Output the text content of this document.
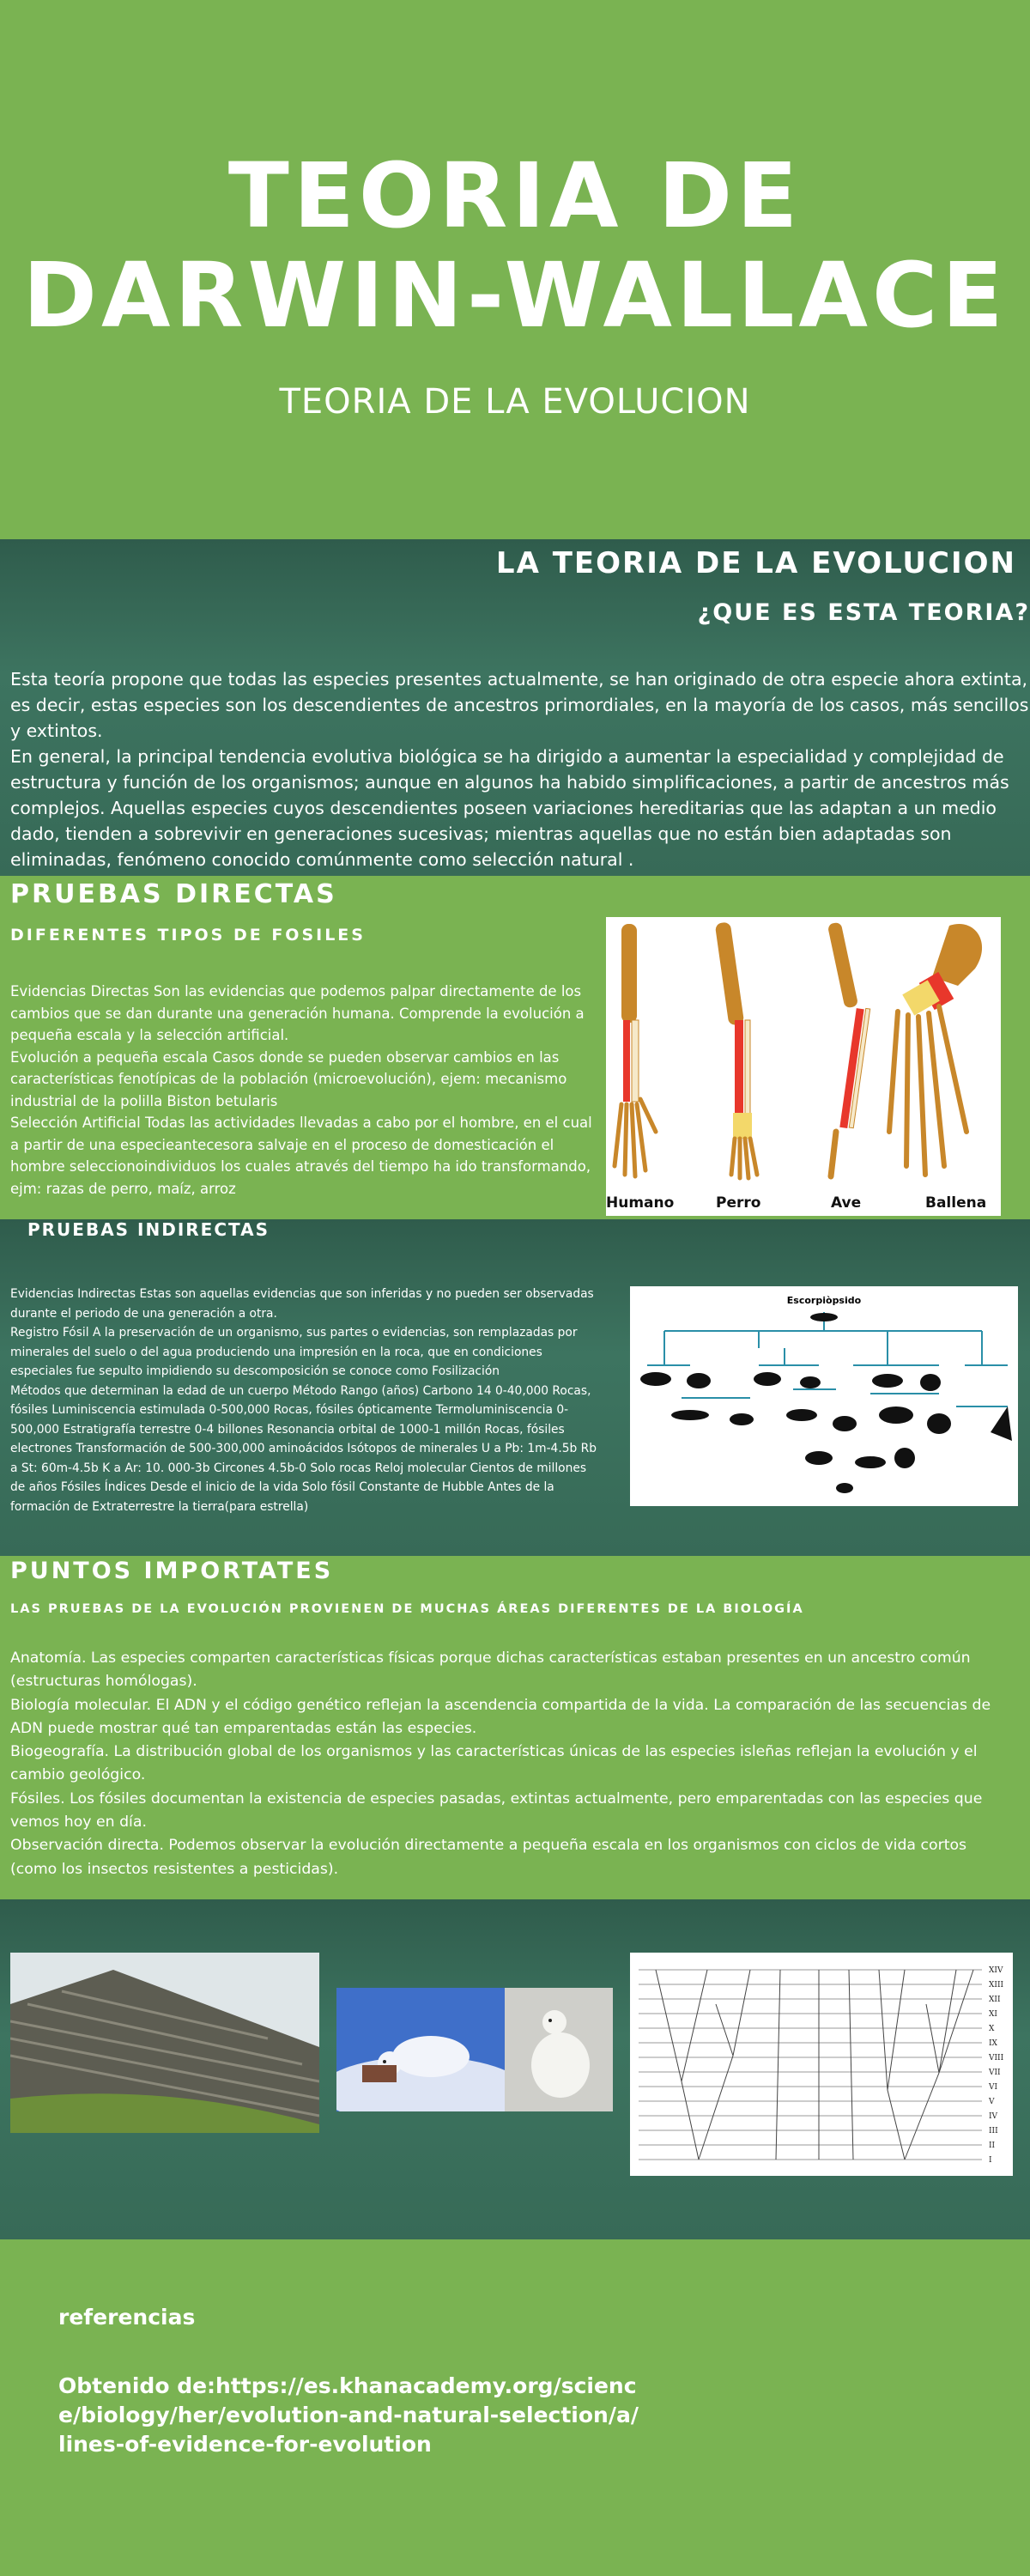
TEORIA DE
DARWIN-WALLACE
TEORIA DE LA EVOLUCION
LA TEORIA DE LA EVOLUCION
¿QUE ES ESTA TEORIA?
Esta teoría propone que todas las especies presentes actualmente, se han originado de otra especie ahora extinta, es decir, estas especies son los descendientes de ancestros primordiales, en la mayoría de los casos, más sencillos y extintos.
En general, la principal tendencia evolutiva biológica se ha dirigido a aumentar la especialidad y complejidad de estructura y función de los organismos; aunque en algunos ha habido simplificaciones, a partir de ancestros más complejos. Aquellas especies cuyos descendientes poseen variaciones hereditarias que las adaptan a un medio dado, tienden a sobrevivir en generaciones sucesivas; mientras aquellas que no están bien adaptadas son eliminadas, fenómeno conocido comúnmente como selección natural .
PRUEBAS DIRECTAS
DIFERENTES TIPOS DE FOSILES
Evidencias Directas Son las evidencias que podemos palpar directamente de los cambios que se dan durante una generación humana. Comprende la evolución a pequeña escala y la selección artificial.
Evolución a pequeña escala Casos donde se pueden observar cambios en las características fenotípicas de la población (microevolución), ejem: mecanismo industrial de la polilla Biston betularis
Selección Artificial Todas las actividades llevadas a cabo por el hombre, en el cual a partir de una especieantecesora salvaje en el proceso de domesticación el hombre seleccionoindividuos los cuales através del tiempo ha ido transformando, ejm: razas de perro, maíz, arroz
Humano	Perro	Ave	Ballena
PRUEBAS INDIRECTAS
Evidencias Indirectas Estas son aquellas evidencias que son inferidas y no pueden ser observadas durante el periodo de una generación a otra.
Registro Fósil A la preservación de un organismo, sus partes o evidencias, son remplazadas por minerales del suelo o del agua produciendo una impresión en la roca, que en condiciones especiales fue sepulto impidiendo su descomposición se conoce como Fosilización
Métodos que determinan la edad de un cuerpo Método Rango (años) Carbono 14 0-40,000 Rocas, fósiles Luminiscencia estimulada 0-500,000 Rocas, fósiles ópticamente Termoluminiscencia 0-500,000 Estratigrafía terrestre 0-4 billones Resonancia orbital de 1000-1 millón Rocas, fósiles electrones Transformación de 500-300,000 aminoácidos Isótopos de minerales U a Pb: 1m-4.5b Rb a St: 60m-4.5b K a Ar: 10. 000-3b Circones 4.5b-0 Solo rocas Reloj molecular Cientos de millones de años Fósiles Índices Desde el inicio de la vida Solo fósil Constante de Hubble Antes de la formación de Extraterrestre la tierra(para estrella)
Escorpiòpsido
PUNTOS IMPORTATES
LAS PRUEBAS DE LA EVOLUCIÓN PROVIENEN DE MUCHAS ÁREAS DIFERENTES DE LA BIOLOGÍA
Anatomía. Las especies comparten características físicas porque dichas características estaban presentes en un ancestro común (estructuras homólogas).
Biología molecular. El ADN y el código genético reflejan la ascendencia compartida de la vida. La comparación de las secuencias de ADN puede mostrar qué tan emparentadas están las especies.
Biogeografía. La distribución global de los organismos y las características únicas de las especies isleñas reflejan la evolución y el cambio geológico.
Fósiles. Los fósiles documentan la existencia de especies pasadas, extintas actualmente, pero emparentadas con las especies que vemos hoy en día.
Observación directa. Podemos observar la evolución directamente a pequeña escala en los organismos con ciclos de vida cortos (como los insectos resistentes a pesticidas).
XIV
XIII
XII
XI
X
IX
VIII
VII
VI
V
IV
III
II
I
referencias
Obtenido de:https://es.khanacademy.org/science/biology/her/evolution-and-natural-selection/a/lines-of-evidence-for-evolution
